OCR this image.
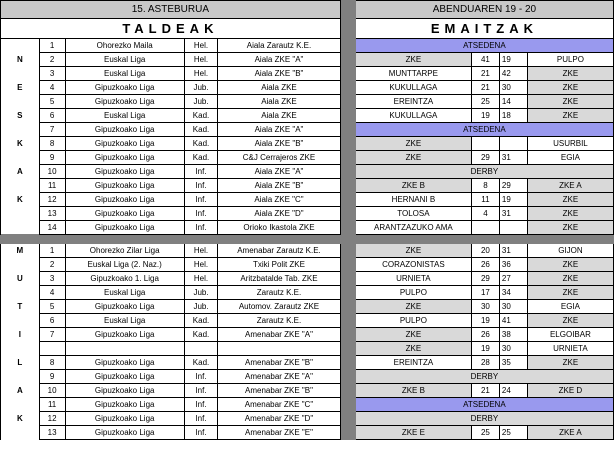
15. ASTEBURUA						ABENDUAREN 19 - 20			
TALDEAK						EMAITZAK			
	1	Ohorezko Maila	Hel.	Aiala Zarautz K.E.		ATSEDENA			
N	2	Euskal Liga	Hel.	Aiala ZKE "A"		ZKE	41	19	PULPO
	3	Euskal Liga	Hel.	Aiala ZKE "B"		MUNTTARPE	21	42	ZKE
E	4	Gipuzkoako Liga	Jub.	Aiala ZKE		KUKULLAGA	21	30	ZKE
	5	Gipuzkoako Liga	Jub.	Aiala ZKE		EREINTZA	25	14	ZKE
S	6	Euskal Liga	Kad.	Aiala ZKE		KUKULLAGA	19	18	ZKE
	7	Gipuzkoako Liga	Kad.	Aiala ZKE "A"		ATSEDENA			
K	8	Gipuzkoako Liga	Kad.	Aiala ZKE "B"		ZKE			USURBIL
	9	Gipuzkoako Liga	Kad.	C&J Cerrajeros ZKE		ZKE	29	31	EGIA
A	10	Gipuzkoako Liga	Inf.	Aiala ZKE "A"		DERBY			
	11	Gipuzkoako Liga	Inf.	Aiala ZKE "B"		ZKE B	8	29	ZKE A
K	12	Gipuzkoako Liga	Inf.	Aiala ZKE "C"		HERNANI B	11	19	ZKE
	13	Gipuzkoako Liga	Inf.	Aiala ZKE "D"		TOLOSA	4	31	ZKE
	14	Gipuzkoako Liga	Inf.	Orioko Ikastola ZKE		ARANTZAZUKO AMA			ZKE

M	1	Ohorezko Zilar Liga	Hel.	Amenabar Zarautz K.E.		ZKE	20	31	GIJON
	2	Euskal Liga (2. Naz.)	Hel.	Txiki Polit ZKE		CORAZONISTAS	26	36	ZKE
U	3	Gipuzkoako 1. Liga	Hel.	Aritzbatalde Tab. ZKE		URNIETA	29	27	ZKE
	4	Euskal Liga	Jub.	Zarautz K.E.		PULPO	17	34	ZKE
T	5	Gipuzkoako Liga	Jub.	Automov. Zarautz ZKE		ZKE	30	30	EGIA
	6	Euskal Liga	Kad.	Zarautz K.E.		PULPO	19	41	ZKE
I	7	Gipuzkoako Liga	Kad.	Amenabar ZKE "A"		ZKE	26	38	ELGOIBAR
						ZKE	19	30	URNIETA
L	8	Gipuzkoako Liga	Kad.	Amenabar ZKE "B"		EREINTZA	28	35	ZKE
	9	Gipuzkoako Liga	Inf.	Amenabar ZKE "A"		DERBY			
A	10	Gipuzkoako Liga	Inf.	Amenabar ZKE "B"		ZKE B	21	24	ZKE D
	11	Gipuzkoako Liga	Inf.	Amenabar ZKE "C"		ATSEDENA			
K	12	Gipuzkoako Liga	Inf.	Amenabar ZKE "D"		DERBY			
	13	Gipuzkoako Liga	Inf.	Amenabar ZKE "E"		ZKE E	25	25	ZKE A
